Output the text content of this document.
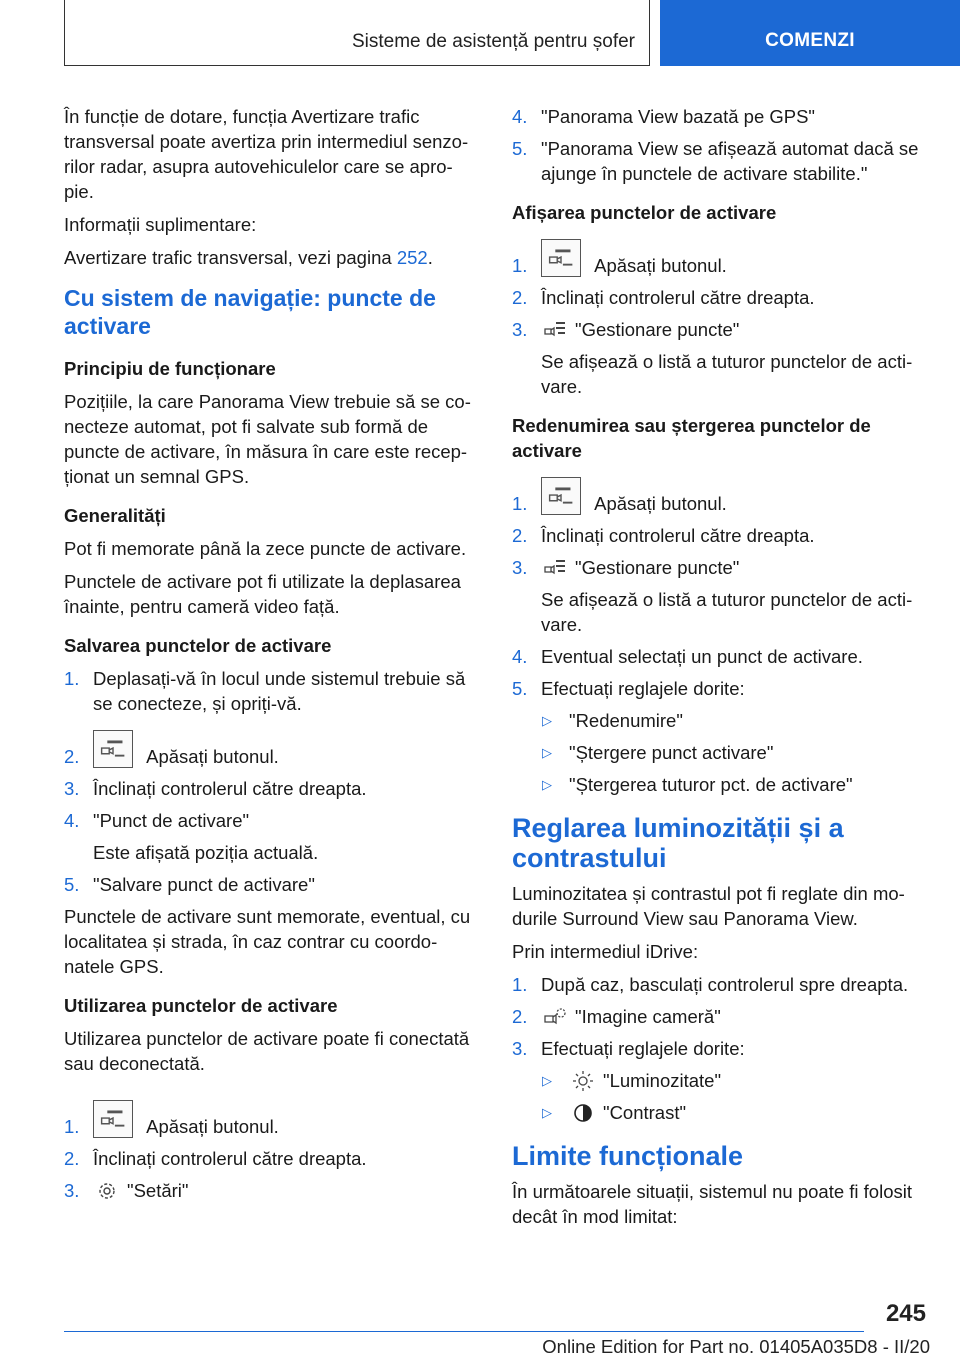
Sisteme de asistență pentru șofer	COMENZI

În funcție de dotare, funcția Avertizare trafic transversal poate avertiza prin intermediul senzo-rilor radar, asupra autovehiculelor care se apro-pie.

Informații suplimentare:

Avertizare trafic transversal, vezi pagina 252.

Cu sistem de navigație: puncte de activare
Principiu de funcționare

Pozițiile, la care Panorama View trebuie să se co-necteze automat, pot fi salvate sub formă de puncte de activare, în măsura în care este recep-ționat un semnal GPS.

Generalități

Pot fi memorate până la zece puncte de activare.

Punctele de activare pot fi utilizate la deplasarea înainte, pentru cameră video față.

Salvarea punctelor de activare
1. Deplasați-vă în locul unde sistemul trebuie să se conecteze, și opriți-vă.
2.	Apăsați butonul.
3. Înclinați controlerul către dreapta.
4. "Punct de activare"
Este afișată poziția actuală.
5. "Salvare punct de activare"

Punctele de activare sunt memorate, eventual, cu localitatea și strada, în caz contrar cu coordo-natele GPS.

Utilizarea punctelor de activare

Utilizarea punctelor de activare poate fi conectată sau deconectată.

1.	Apăsați butonul.
2. Înclinați controlerul către dreapta.
3.	"Setări"
4. "Panorama View bazată pe GPS"
5. "Panorama View se afișează automat dacă se ajunge în punctele de activare stabilite."
Afișarea punctelor de activare
1.	Apăsați butonul.
2. Înclinați controlerul către dreapta.
3.	"Gestionare puncte"
Se afișează o listă a tuturor punctelor de acti-vare.
Redenumirea sau ștergerea punctelor de activare
1.	Apăsați butonul.
2. Înclinați controlerul către dreapta.
3.	"Gestionare puncte"
Se afișează o listă a tuturor punctelor de acti-vare.
4. Eventual selectați un punct de activare.
5. Efectuați reglajele dorite:
▷ "Redenumire"
▷ "Ștergere punct activare"
▷ "Ștergerea tuturor pct. de activare"
Reglarea luminozității și a contrastului

Luminozitatea și contrastul pot fi reglate din mo-durile Surround View sau Panorama View.

Prin intermediul iDrive:

1. După caz, basculați controlerul spre dreapta.
2.	"Imagine cameră"
3. Efectuați reglajele dorite:
▷	"Luminozitate"
▷	"Contrast"
Limite funcționale

În următoarele situații, sistemul nu poate fi folosit decât în mod limitat:

245
Online Edition for Part no. 01405A035D8 - II/20
